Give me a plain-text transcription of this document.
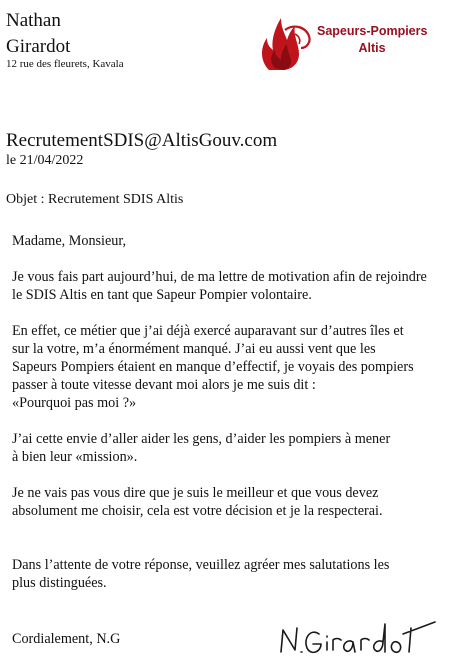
Nathan
Girardot
12 rue des fleurets, Kavala
Sapeurs-Pompiers
Altis
RecrutementSDIS@AltisGouv.com
le 21/04/2022
Objet : Recrutement SDIS Altis

Madame, Monsieur,

Je vous fais part aujourd’hui, de ma lettre de motivation afin de rejoindre
le SDIS Altis en tant que Sapeur Pompier volontaire.

En effet, ce métier que j’ai déjà exercé auparavant sur d’autres îles et
sur la votre, m’a énormément manqué. J’ai eu aussi vent que les
Sapeurs Pompiers étaient en manque d’effectif, je voyais des pompiers
passer à toute vitesse devant moi alors je me suis dit :
«Pourquoi pas moi ?»

J’ai cette envie d’aller aider les gens, d’aider les pompiers à mener
à bien leur «mission».

Je ne vais pas vous dire que je suis le meilleur et que vous devez
absolument me choisir, cela est votre décision et je la respecterai.

Dans l’attente de votre réponse, veuillez agréer mes salutations les
plus distinguées.

Cordialement, N.G
